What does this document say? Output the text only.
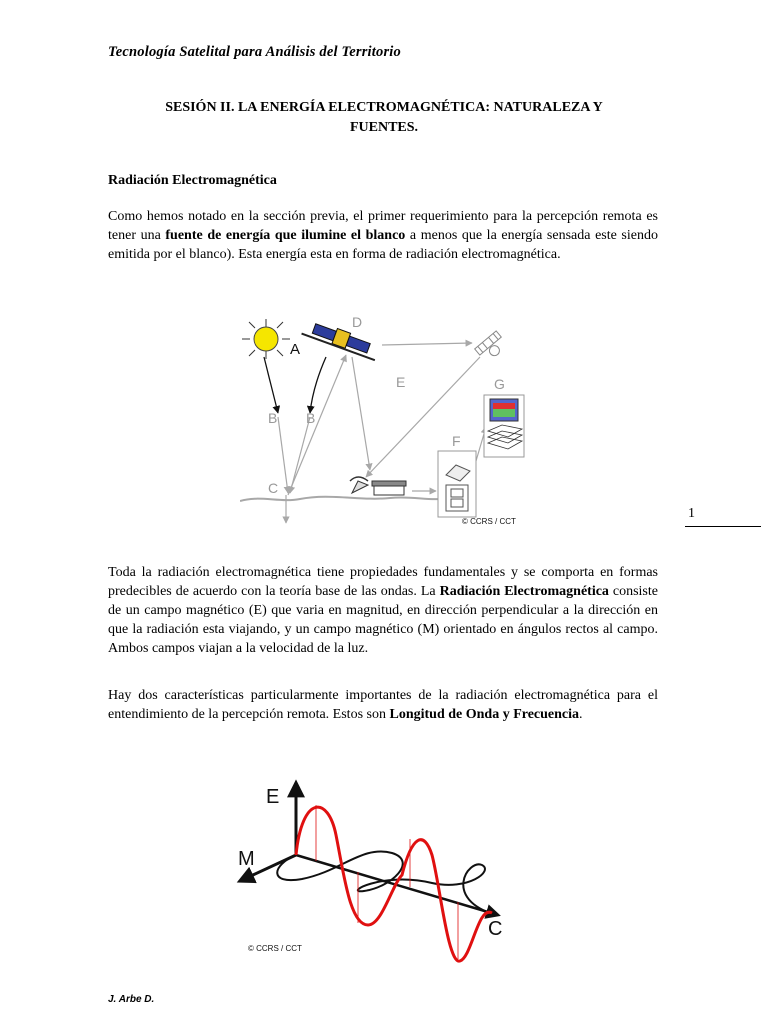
Tecnología Satelital para Análisis del Territorio
SESIÓN II. LA ENERGÍA ELECTROMAGNÉTICA: NATURALEZA Y
FUENTES.
Radiación Electromagnética
Como hemos notado en la sección previa, el primer requerimiento para la percepción remota es tener una fuente de energía que ilumine el blanco a menos que la energía sensada este siendo emitida por el blanco). Esta energía esta en forma de radiación electromagnética.
A
B B
C
D
E
F
G
© CCRS / CCT
1
Toda la radiación electromagnética tiene propiedades fundamentales y se comporta en formas predecibles de acuerdo con la teoría base de las ondas. La Radiación Electromagnética consiste de un campo magnético (E) que varia en magnitud, en dirección perpendicular a la dirección en que la radiación esta viajando, y un campo magnético (M) orientado en ángulos rectos al campo. Ambos campos viajan a la velocidad de la luz.
Hay dos características particularmente importantes de la radiación electromagnética para el entendimiento de la percepción remota. Estos son Longitud de Onda y Frecuencia.
E
M
C
© CCRS / CCT
J. Arbe D.
